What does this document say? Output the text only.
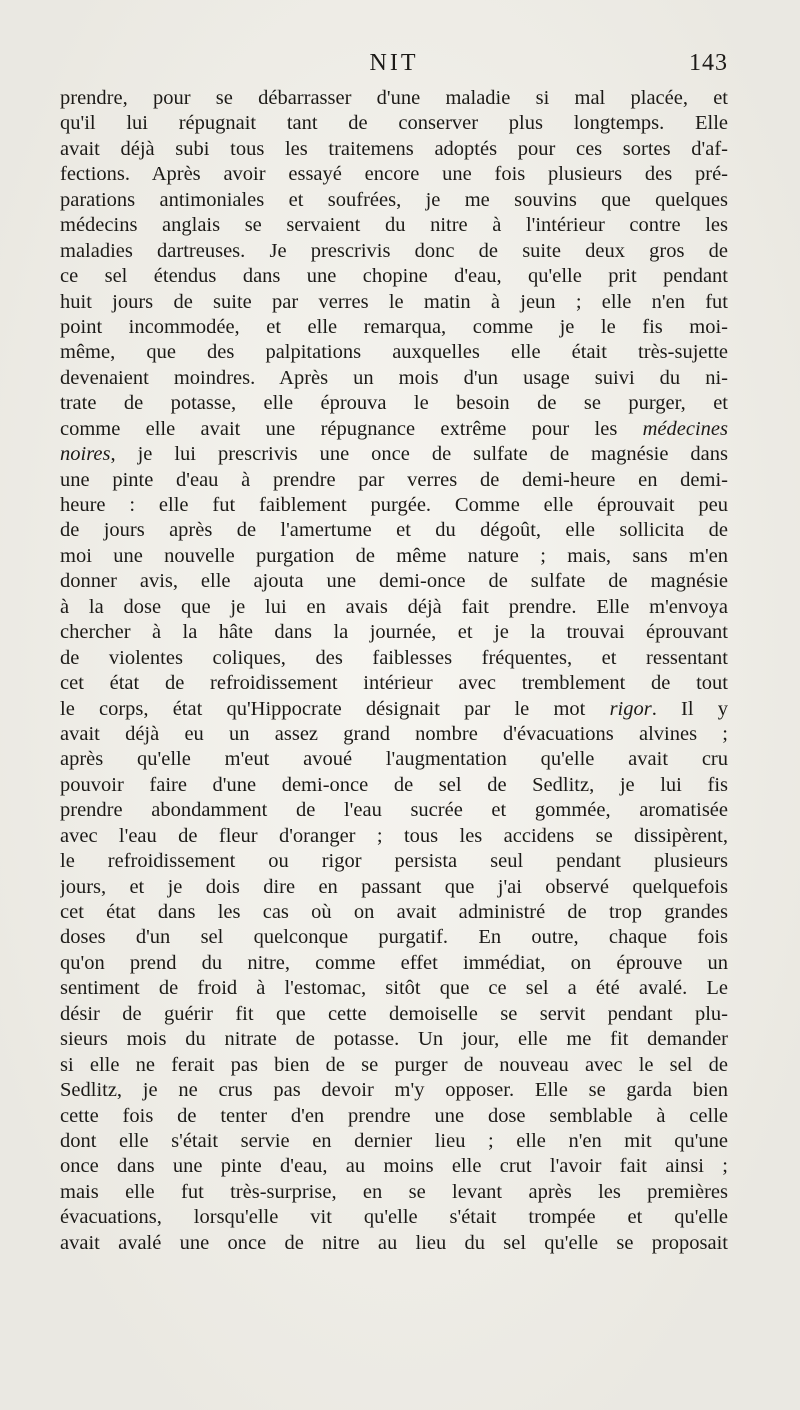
NIT	143
prendre, pour se débarrasser d'une maladie si mal placée, et
qu'il lui répugnait tant de conserver plus longtemps. Elle
avait déjà subi tous les traitemens adoptés pour ces sortes d'af-
fections. Après avoir essayé encore une fois plusieurs des pré-
parations antimoniales et soufrées, je me souvins que quelques
médecins anglais se servaient du nitre à l'intérieur contre les
maladies dartreuses. Je prescrivis donc de suite deux gros de
ce sel étendus dans une chopine d'eau, qu'elle prit pendant
huit jours de suite par verres le matin à jeun ; elle n'en fut
point incommodée, et elle remarqua, comme je le fis moi-
même, que des palpitations auxquelles elle était très-sujette
devenaient moindres. Après un mois d'un usage suivi du ni-
trate de potasse, elle éprouva le besoin de se purger, et
comme elle avait une répugnance extrême pour les médecines
noires, je lui prescrivis une once de sulfate de magnésie dans
une pinte d'eau à prendre par verres de demi-heure en demi-
heure : elle fut faiblement purgée. Comme elle éprouvait peu
de jours après de l'amertume et du dégoût, elle sollicita de
moi une nouvelle purgation de même nature ; mais, sans m'en
donner avis, elle ajouta une demi-once de sulfate de magnésie
à la dose que je lui en avais déjà fait prendre. Elle m'envoya
chercher à la hâte dans la journée, et je la trouvai éprouvant
de violentes coliques, des faiblesses fréquentes, et ressentant
cet état de refroidissement intérieur avec tremblement de tout
le corps, état qu'Hippocrate désignait par le mot rigor. Il y
avait déjà eu un assez grand nombre d'évacuations alvines ;
après qu'elle m'eut avoué l'augmentation qu'elle avait cru
pouvoir faire d'une demi-once de sel de Sedlitz, je lui fis
prendre abondamment de l'eau sucrée et gommée, aromatisée
avec l'eau de fleur d'oranger ; tous les accidens se dissipèrent,
le refroidissement ou rigor persista seul pendant plusieurs
jours, et je dois dire en passant que j'ai observé quelquefois
cet état dans les cas où on avait administré de trop grandes
doses d'un sel quelconque purgatif. En outre, chaque fois
qu'on prend du nitre, comme effet immédiat, on éprouve un
sentiment de froid à l'estomac, sitôt que ce sel a été avalé. Le
désir de guérir fit que cette demoiselle se servit pendant plu-
sieurs mois du nitrate de potasse. Un jour, elle me fit demander
si elle ne ferait pas bien de se purger de nouveau avec le sel de
Sedlitz, je ne crus pas devoir m'y opposer. Elle se garda bien
cette fois de tenter d'en prendre une dose semblable à celle
dont elle s'était servie en dernier lieu ; elle n'en mit qu'une
once dans une pinte d'eau, au moins elle crut l'avoir fait ainsi ;
mais elle fut très-surprise, en se levant après les premières
évacuations, lorsqu'elle vit qu'elle s'était trompée et qu'elle
avait avalé une once de nitre au lieu du sel qu'elle se proposait
